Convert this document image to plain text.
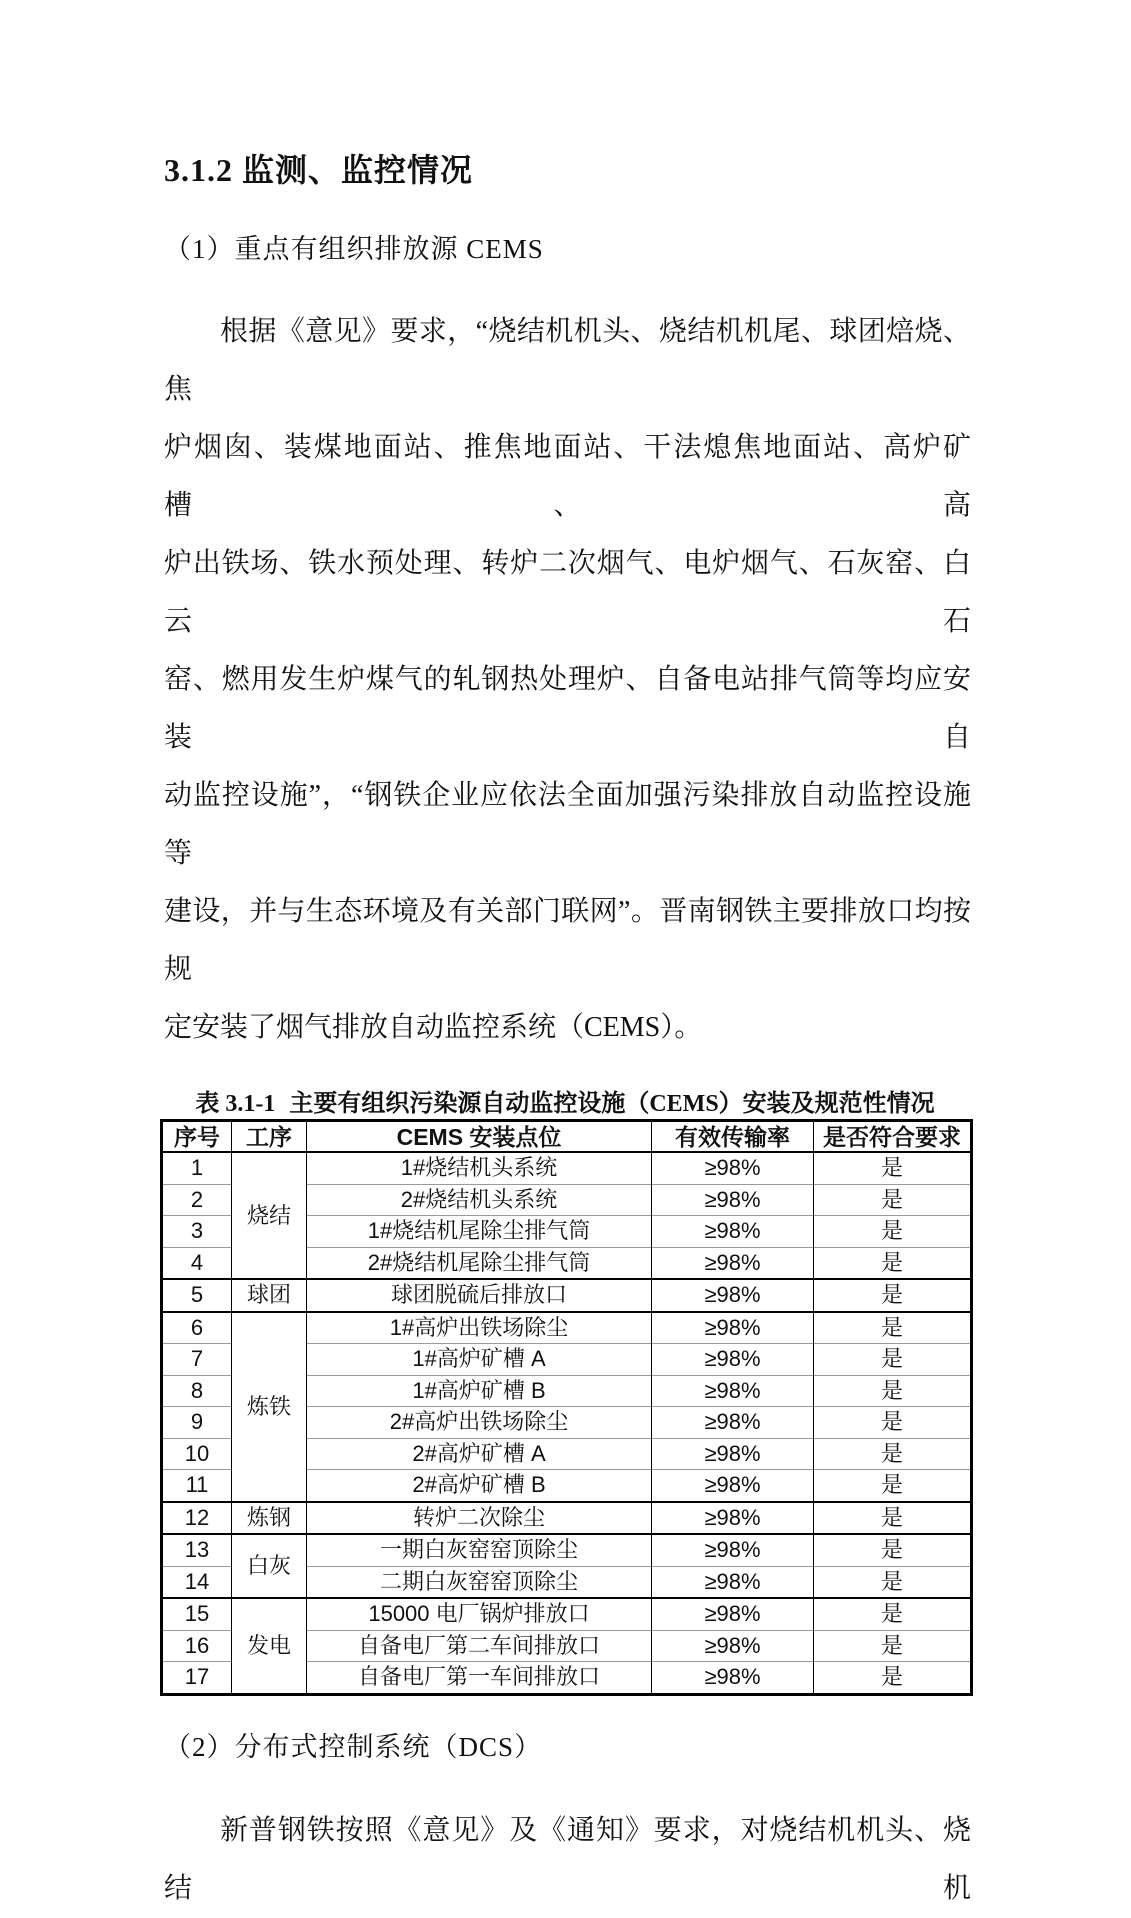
3.1.2 监测、监控情况
（1）重点有组织排放源 CEMS
根据《意见》要求，“烧结机机头、烧结机机尾、球团焙烧、焦
炉烟囱、装煤地面站、推焦地面站、干法熄焦地面站、高炉矿槽、高
炉出铁场、铁水预处理、转炉二次烟气、电炉烟气、石灰窑、白云石
窑、燃用发生炉煤气的轧钢热处理炉、自备电站排气筒等均应安装自
动监控设施”，“钢铁企业应依法全面加强污染排放自动监控设施等
建设，并与生态环境及有关部门联网”。晋南钢铁主要排放口均按规
定安装了烟气排放自动监控系统（CEMS）。
表 3.1-1 主要有组织污染源自动监控设施（CEMS）安装及规范性情况
序号	工序	CEMS 安装点位	有效传输率	是否符合要求
1	烧结	1#烧结机头系统	≥98%	是
2		2#烧结机头系统	≥98%	是
3		1#烧结机尾除尘排气筒	≥98%	是
4		2#烧结机尾除尘排气筒	≥98%	是
5	球团	球团脱硫后排放口	≥98%	是
6	炼铁	1#高炉出铁场除尘	≥98%	是
7		1#高炉矿槽 A	≥98%	是
8		1#高炉矿槽 B	≥98%	是
9		2#高炉出铁场除尘	≥98%	是
10		2#高炉矿槽 A	≥98%	是
11		2#高炉矿槽 B	≥98%	是
12	炼钢	转炉二次除尘	≥98%	是
13	白灰	一期白灰窑窑顶除尘	≥98%	是
14		二期白灰窑窑顶除尘	≥98%	是
15	发电	15000 电厂锅炉排放口	≥98%	是
16		自备电厂第二车间排放口	≥98%	是
17		自备电厂第一车间排放口	≥98%	是
（2）分布式控制系统（DCS）
新普钢铁按照《意见》及《通知》要求，对烧结机机头、烧结机
